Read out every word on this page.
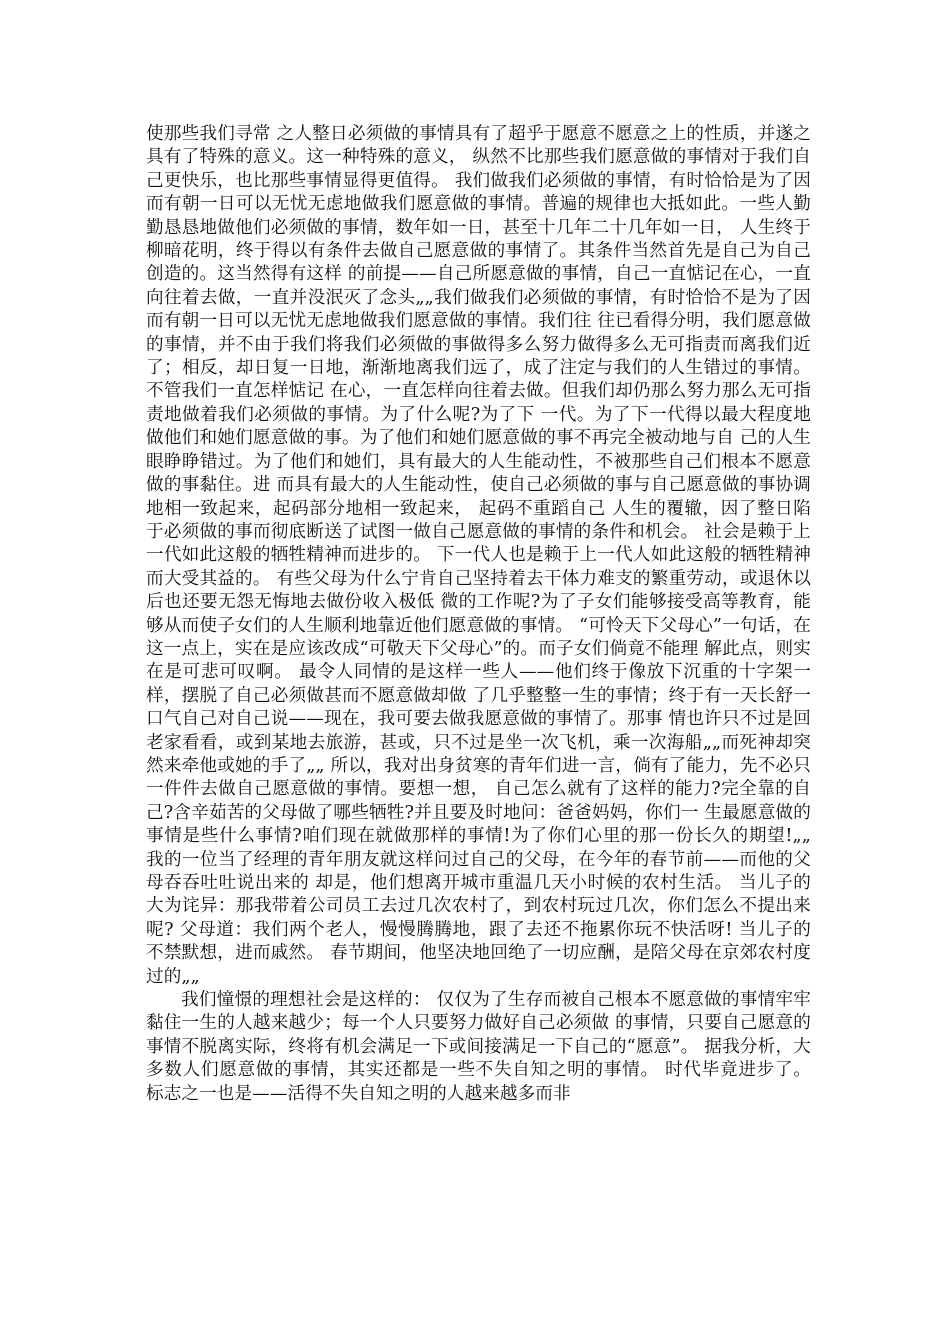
使那些我们寻常 之人整日必须做的事情具有了超乎于愿意不愿意之上的性质，并遂之具有了特殊的意义。这一种特殊的意义， 纵然不比那些我们愿意做的事情对于我们自己更快乐，也比那些事情显得更值得。 我们做我们必须做的事情，有时恰恰是为了因而有朝一日可以无忧无虑地做我们愿意做的事情。普遍的规律也大抵如此。一些人勤勤恳恳地做他们必须做的事情，数年如一日，甚至十几年二十几年如一日， 人生终于 柳暗花明，终于得以有条件去做自己愿意做的事情了。其条件当然首先是自己为自己创造的。这当然得有这样 的前提——自己所愿意做的事情，自己一直惦记在心，一直向往着去做，一直并没泯灭了念头„„我们做我们必须做的事情，有时恰恰不是为了因而有朝一日可以无忧无虑地做我们愿意做的事情。我们往 往已看得分明，我们愿意做的事情，并不由于我们将我们必须做的事做得多么努力做得多么无可指责而离我们近了；相反，却日复一日地，渐渐地离我们远了，成了注定与我们的人生错过的事情。不管我们一直怎样惦记 在心，一直怎样向往着去做。但我们却仍那么努力那么无可指责地做着我们必须做的事情。为了什么呢?为了下 一代。为了下一代得以最大程度地做他们和她们愿意做的事。为了他们和她们愿意做的事不再完全被动地与自 己的人生眼睁睁错过。为了他们和她们，具有最大的人生能动性，不被那些自己们根本不愿意做的事黏住。进 而具有最大的人生能动性，使自己必须做的事与自己愿意做的事协调地相一致起来，起码部分地相一致起来， 起码不重蹈自己 人生的覆辙，因了整日陷于必须做的事而彻底断送了试图一做自己愿意做的事情的条件和机会。 社会是赖于上一代如此这般的牺牲精神而进步的。 下一代人也是赖于上一代人如此这般的牺牲精神而大受其益的。 有些父母为什么宁肯自己坚持着去干体力难支的繁重劳动，或退休以后也还要无怨无悔地去做份收入极低 微的工作呢?为了子女们能够接受高等教育，能够从而使子女们的人生顺利地靠近他们愿意做的事情。 “可怜天下父母心”一句话，在这一点上，实在是应该改成“可敬天下父母心”的。而子女们倘竟不能理 解此点，则实在是可悲可叹啊。 最令人同情的是这样一些人——他们终于像放下沉重的十字架一样，摆脱了自己必须做甚而不愿意做却做 了几乎整整一生的事情；终于有一天长舒一口气自己对自己说——现在，我可要去做我愿意做的事情了。那事 情也许只不过是回老家看看，或到某地去旅游，甚或，只不过是坐一次飞机，乘一次海船„„而死神却突然来牵他或她的手了„„ 所以，我对出身贫寒的青年们进一言，倘有了能力，先不必只一件件去做自己愿意做的事情。要想一想， 自己怎么就有了这样的能力?完全靠的自己?含辛茹苦的父母做了哪些牺牲?并且要及时地问：爸爸妈妈，你们一 生最愿意做的事情是些什么事情?咱们现在就做那样的事情!为了你们心里的那一份长久的期望!„„ 我的一位当了经理的青年朋友就这样问过自己的父母，在今年的春节前——而他的父母吞吞吐吐说出来的 却是，他们想离开城市重温几天小时候的农村生活。 当儿子的大为诧异：那我带着公司员工去过几次农村了，到农村玩过几次，你们怎么不提出来呢? 父母道：我们两个老人，慢慢腾腾地，跟了去还不拖累你玩不快活呀! 当儿子的不禁默想，进而戚然。 春节期间，他坚决地回绝了一切应酬，是陪父母在京郊农村度过的„„

我们憧憬的理想社会是这样的： 仅仅为了生存而被自己根本不愿意做的事情牢牢黏住一生的人越来越少；每一个人只要努力做好自己必须做 的事情，只要自己愿意的事情不脱离实际，终将有机会满足一下或间接满足一下自己的“愿意”。 据我分析，大多数人们愿意做的事情，其实还都是一些不失自知之明的事情。 时代毕竟进步了。 标志之一也是——活得不失自知之明的人越来越多而非
